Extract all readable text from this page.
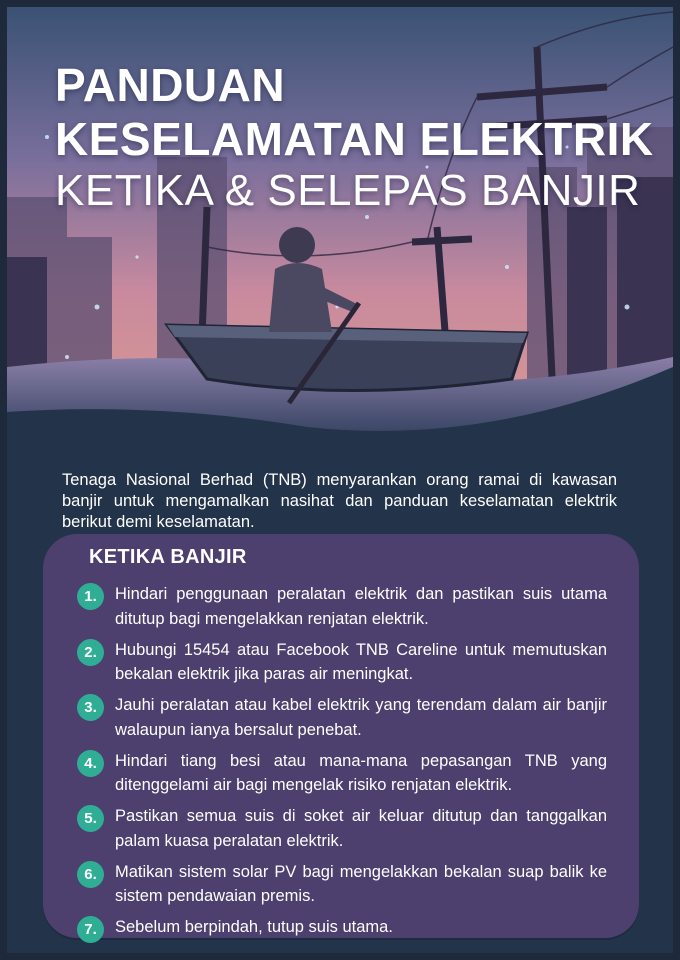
PANDUAN
KESELAMATAN ELEKTRIK
KETIKA & SELEPAS BANJIR

Tenaga Nasional Berhad (TNB) menyarankan orang ramai di kawasan banjir untuk mengamalkan nasihat dan panduan keselamatan elektrik berikut demi keselamatan.

KETIKA BANJIR
1.	Hindari penggunaan peralatan elektrik dan pastikan suis utama ditutup bagi mengelakkan renjatan elektrik.
2.	Hubungi 15454 atau Facebook TNB Careline untuk memutuskan bekalan elektrik jika paras air meningkat.
3.	Jauhi peralatan atau kabel elektrik yang terendam dalam air banjir walaupun ianya bersalut penebat.
4.	Hindari tiang besi atau mana-mana pepasangan TNB yang ditenggelami air bagi mengelak risiko renjatan elektrik.
5.	Pastikan semua suis di soket air keluar ditutup dan tanggalkan palam kuasa peralatan elektrik.
6.	Matikan sistem solar PV bagi mengelakkan bekalan suap balik ke sistem pendawaian premis.
7.	Sebelum berpindah, tutup suis utama.
